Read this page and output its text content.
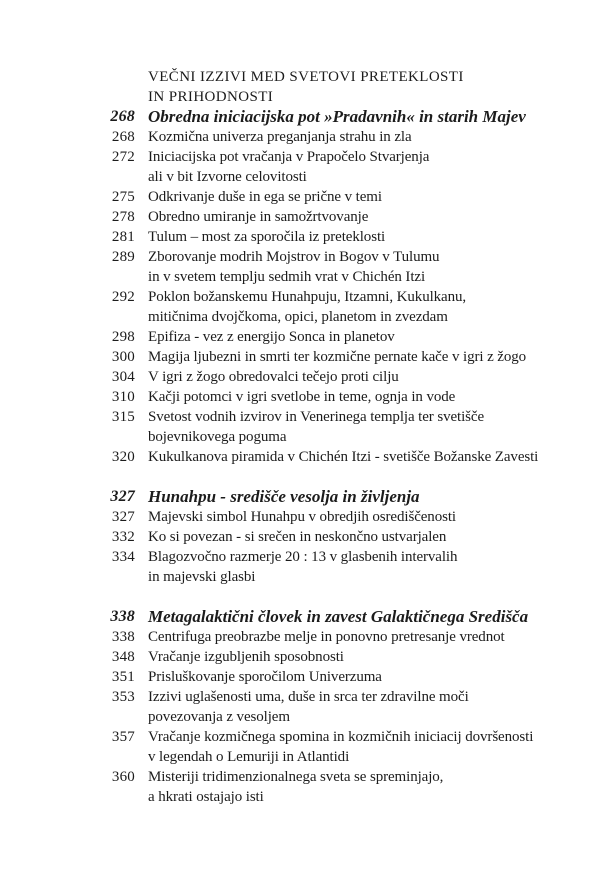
VEČNI IZZIVI MED SVETOVI PRETEKLOSTI
IN PRIHODNOSTI
268 Obredna iniciacijska pot »Pradavnih« in starih Majev
268 Kozmična univerza preganjanja strahu in zla
272 Iniciacijska pot vračanja v Prapočelo Stvarjenja
ali v bit Izvorne celovitosti
275 Odkrivanje duše in ega se prične v temi
278 Obredno umiranje in samožrtvovanje
281 Tulum – most za sporočila iz preteklosti
289 Zborovanje modrih Mojstrov in Bogov v Tulumu
in v svetem templju sedmih vrat v Chichén Itzi
292 Poklon božanskemu Hunahpuju, Itzamni, Kukulkanu,
mitičnima dvojčkoma, opici, planetom in zvezdam
298 Epifiza - vez z energijo Sonca in planetov
300 Magija ljubezni in smrti ter kozmične pernate kače v igri z žogo
304 V igri z žogo obredovalci tečejo proti cilju
310 Kačji potomci v igri svetlobe in teme, ognja in vode
315 Svetost vodnih izvirov in Venerinega templja ter svetišče
bojevnikovega poguma
320 Kukulkanova piramida v Chichén Itzi - svetišče Božanske Zavesti
327 Hunahpu - središče vesolja in življenja
327 Majevski simbol Hunahpu v obredjih osrediščenosti
332 Ko si povezan - si srečen in neskončno ustvarjalen
334 Blagozvočno razmerje 20 : 13 v glasbenih intervalih
in majevski glasbi
338 Metagalaktični človek in zavest Galaktičnega Središča
338 Centrifuga preobrazbe melje in ponovno pretresanje vrednot
348 Vračanje izgubljenih sposobnosti
351 Prisluškovanje sporočilom Univerzuma
353 Izzivi uglašenosti uma, duše in srca ter zdravilne moči
povezovanja z vesoljem
357 Vračanje kozmičnega spomina in kozmičnih iniciacij dovršenosti
v legendah o Lemuriji in Atlantidi
360 Misteriji tridimenzionalnega sveta se spreminjajo,
a hkrati ostajajo isti
